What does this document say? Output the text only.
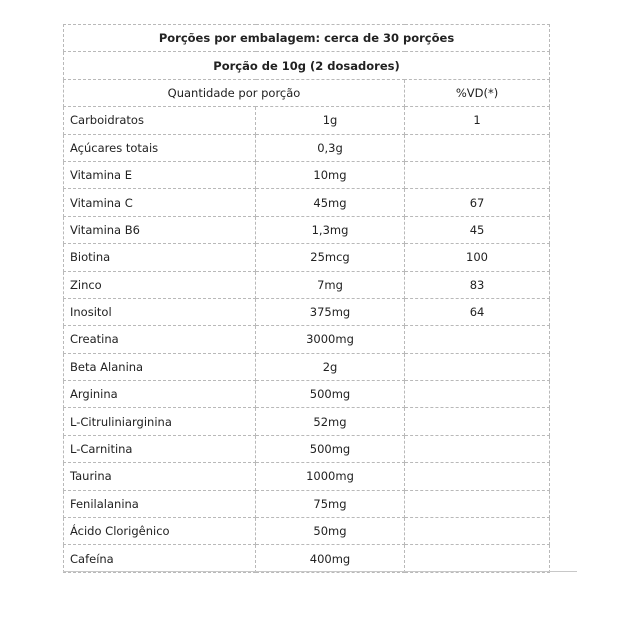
Porções por embalagem: cerca de 30 porções		
Porção de 10g (2 dosadores)		
Quantidade por porção		%VD(*)
Carboidratos	1g	1
Açúcares totais	0,3g	
Vitamina E	10mg	
Vitamina C	45mg	67
Vitamina B6	1,3mg	45
Biotina	25mcg	100
Zinco	7mg	83
Inositol	375mg	64
Creatina	3000mg	
Beta Alanina	2g	
Arginina	500mg	
L-Citruliniarginina	52mg	
L-Carnitina	500mg	
Taurina	1000mg	
Fenilalanina	75mg	
Ácido Clorigênico	50mg	
Cafeína	400mg	
